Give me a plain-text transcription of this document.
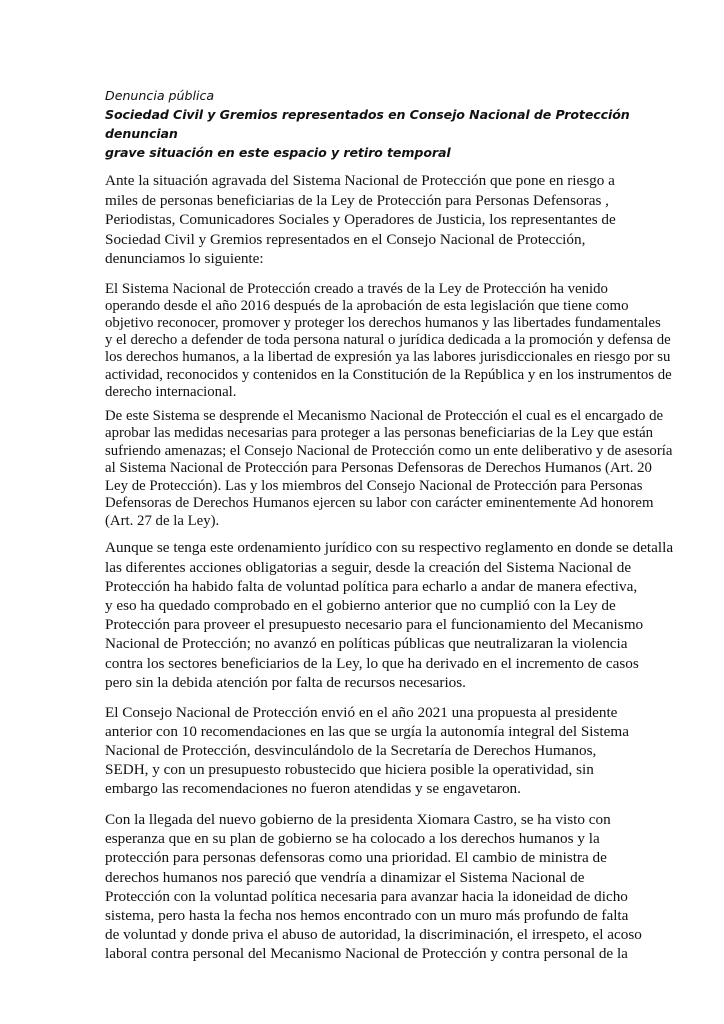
Denuncia pública

Sociedad Civil y Gremios representados en Consejo Nacional de Protección denuncian
grave situación en este espacio y retiro temporal

Ante la situación agravada del Sistema Nacional de Protección que pone en riesgo a
miles de personas beneficiarias de la Ley de Protección para Personas Defensoras ,
Periodistas, Comunicadores Sociales y Operadores de Justicia, los representantes de
Sociedad Civil y Gremios representados en el Consejo Nacional de Protección,
denunciamos lo siguiente:

El Sistema Nacional de Protección creado a través de la Ley de Protección ha venido
operando desde el año 2016 después de la aprobación de esta legislación que tiene como
objetivo reconocer, promover y proteger los derechos humanos y las libertades fundamentales
y el derecho a defender de toda persona natural o jurídica dedicada a la promoción y defensa de
los derechos humanos, a la libertad de expresión ya las labores jurisdiccionales en riesgo por su
actividad, reconocidos y contenidos en la Constitución de la República y en los instrumentos de
derecho internacional.

De este Sistema se desprende el Mecanismo Nacional de Protección el cual es el encargado de
aprobar las medidas necesarias para proteger a las personas beneficiarias de la Ley que están
sufriendo amenazas; el Consejo Nacional de Protección como un ente deliberativo y de asesoría
al Sistema Nacional de Protección para Personas Defensoras de Derechos Humanos (Art. 20
Ley de Protección). Las y los miembros del Consejo Nacional de Protección para Personas
Defensoras de Derechos Humanos ejercen su labor con carácter eminentemente Ad honorem
(Art. 27 de la Ley).

Aunque se tenga este ordenamiento jurídico con su respectivo reglamento en donde se detalla
las diferentes acciones obligatorias a seguir, desde la creación del Sistema Nacional de
Protección ha habido falta de voluntad política para echarlo a andar de manera efectiva,
y eso ha quedado comprobado en el gobierno anterior que no cumplió con la Ley de
Protección para proveer el presupuesto necesario para el funcionamiento del Mecanismo
Nacional de Protección; no avanzó en políticas públicas que neutralizaran la violencia
contra los sectores beneficiarios de la Ley, lo que ha derivado en el incremento de casos
pero sin la debida atención por falta de recursos necesarios.

El Consejo Nacional de Protección envió en el año 2021 una propuesta al presidente
anterior con 10 recomendaciones en las que se urgía la autonomía integral del Sistema
Nacional de Protección, desvinculándolo de la Secretaría de Derechos Humanos,
SEDH, y con un presupuesto robustecido que hiciera posible la operatividad, sin
embargo las recomendaciones no fueron atendidas y se engavetaron.

Con la llegada del nuevo gobierno de la presidenta Xiomara Castro, se ha visto con
esperanza que en su plan de gobierno se ha colocado a los derechos humanos y la
protección para personas defensoras como una prioridad. El cambio de ministra de
derechos humanos nos pareció que vendría a dinamizar el Sistema Nacional de
Protección con la voluntad política necesaria para avanzar hacia la idoneidad de dicho
sistema, pero hasta la fecha nos hemos encontrado con un muro más profundo de falta
de voluntad y donde priva el abuso de autoridad, la discriminación, el irrespeto, el acoso
laboral contra personal del Mecanismo Nacional de Protección y contra personal de la
